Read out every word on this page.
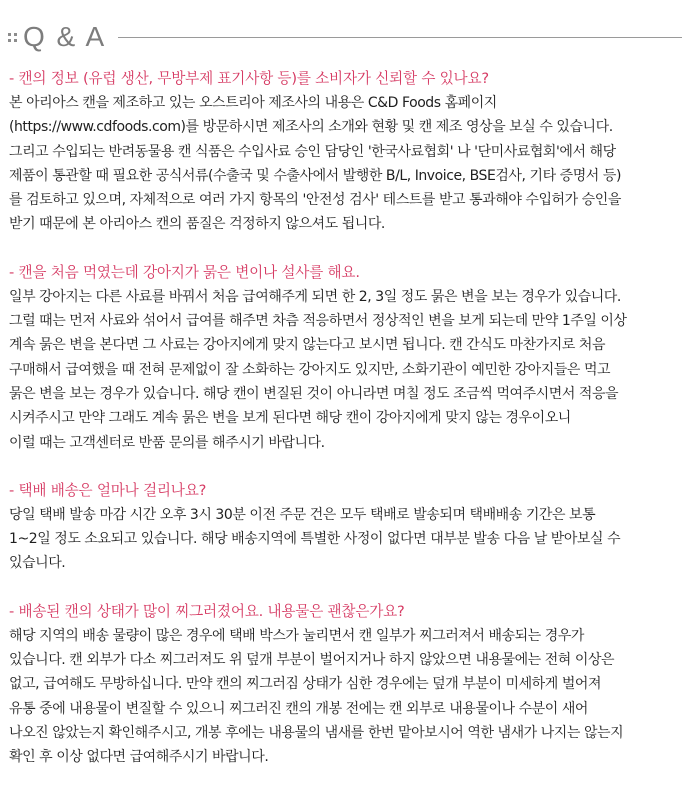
Q & A
- 캔의 정보 (유럽 생산, 무방부제 표기사항 등)를 소비자가 신뢰할 수 있나요?
본 아리아스 캔을 제조하고 있는 오스트리아 제조사의 내용은 C&D Foods 홈페이지
(https://www.cdfoods.com)를 방문하시면 제조사의 소개와 현황 및 캔 제조 영상을 보실 수 있습니다.
그리고 수입되는 반려동물용 캔 식품은 수입사료 승인 담당인 '한국사료협회' 나 '단미사료협회'에서 해당
제품이 통관할 때 필요한 공식서류(수출국 및 수출사에서 발행한 B/L, Invoice, BSE검사, 기타 증명서 등)
를 검토하고 있으며, 자체적으로 여러 가지 항목의 '안전성 검사' 테스트를 받고 통과해야 수입허가 승인을
받기 때문에 본 아리아스 캔의 품질은 걱정하지 않으셔도 됩니다.
- 캔을 처음 먹였는데 강아지가 묽은 변이나 설사를 해요.
일부 강아지는 다른 사료를 바꿔서 처음 급여해주게 되면 한 2, 3일 정도 묽은 변을 보는 경우가 있습니다.
그럴 때는 먼저 사료와 섞어서 급여를 해주면 차츰 적응하면서 정상적인 변을 보게 되는데 만약 1주일 이상
계속 묽은 변을 본다면 그 사료는 강아지에게 맞지 않는다고 보시면 됩니다. 캔 간식도 마찬가지로 처음
구매해서 급여했을 때 전혀 문제없이 잘 소화하는 강아지도 있지만, 소화기관이 예민한 강아지들은 먹고
묽은 변을 보는 경우가 있습니다. 해당 캔이 변질된 것이 아니라면 며칠 정도 조금씩 먹여주시면서 적응을
시켜주시고 만약 그래도 계속 묽은 변을 보게 된다면 해당 캔이 강아지에게 맞지 않는 경우이오니
이럴 때는 고객센터로 반품 문의를 해주시기 바랍니다.
- 택배 배송은 얼마나 걸리나요?
당일 택배 발송 마감 시간 오후 3시 30분 이전 주문 건은 모두 택배로 발송되며 택배배송 기간은 보통
1~2일 정도 소요되고 있습니다. 해당 배송지역에 특별한 사정이 없다면 대부분 발송 다음 날 받아보실 수
있습니다.
- 배송된 캔의 상태가 많이 찌그러졌어요. 내용물은 괜찮은가요?
해당 지역의 배송 물량이 많은 경우에 택배 박스가 눌리면서 캔 일부가 찌그러져서 배송되는 경우가
있습니다. 캔 외부가 다소 찌그러져도 위 덮개 부분이 벌어지거나 하지 않았으면 내용물에는 전혀 이상은
없고, 급여해도 무방하십니다. 만약 캔의 찌그러짐 상태가 심한 경우에는 덮개 부분이 미세하게 벌어져
유통 중에 내용물이 변질할 수 있으니 찌그러진 캔의 개봉 전에는 캔 외부로 내용물이나 수분이 새어
나오진 않았는지 확인해주시고, 개봉 후에는 내용물의 냄새를 한번 맡아보시어 역한 냄새가 나지는 않는지
확인 후 이상 없다면 급여해주시기 바랍니다.
